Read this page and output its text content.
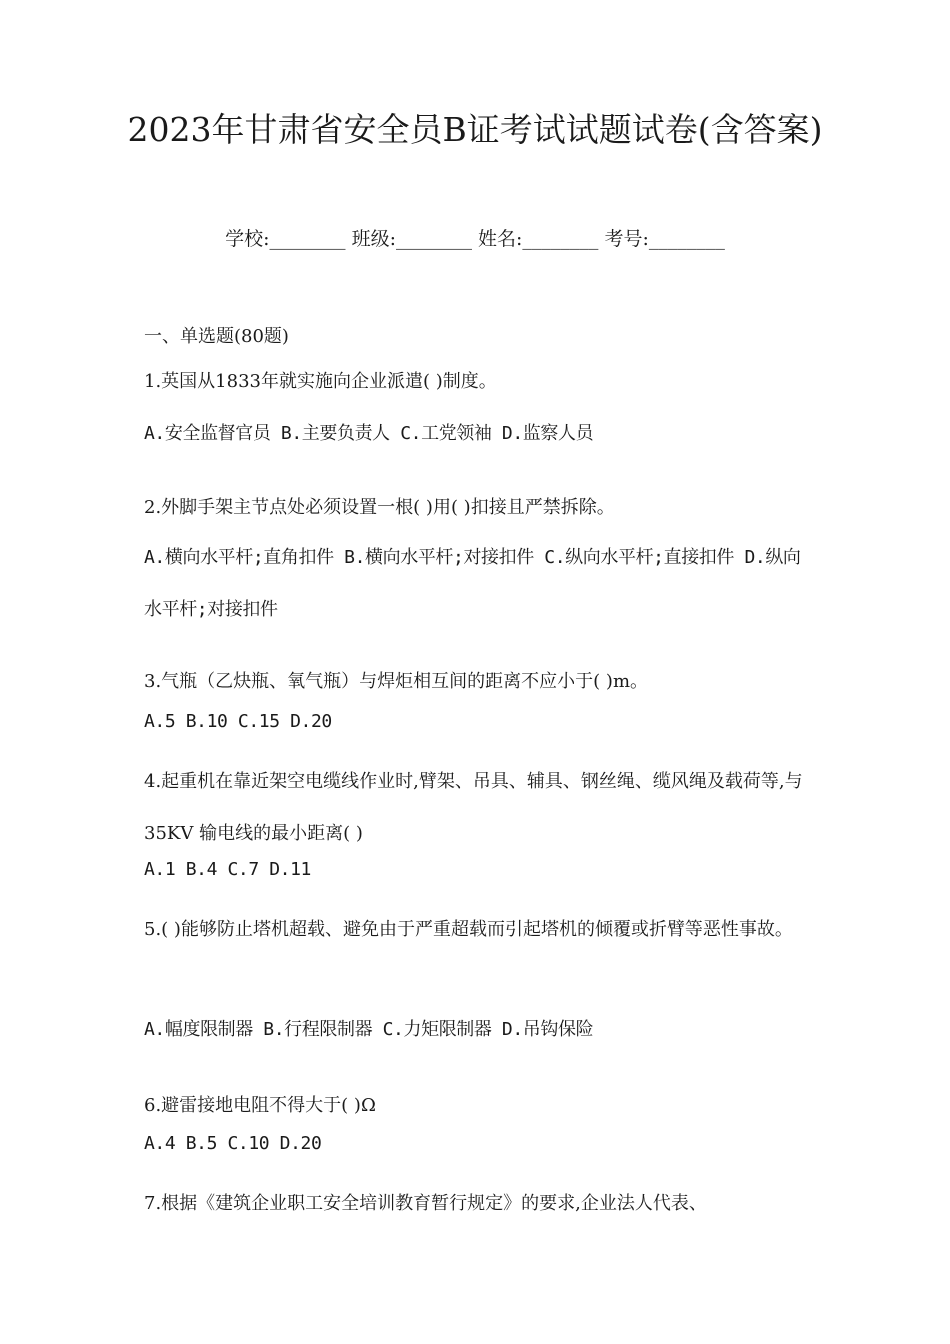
2023年甘肃省安全员B证考试试题试卷(含答案)
学校:________ 班级:________ 姓名:________ 考号:________
一、单选题(80题)

1.英国从1833年就实施向企业派遣( )制度。

A.安全监督官员 B.主要负责人 C.工党领袖 D.监察人员

2.外脚手架主节点处必须设置一根( )用( )扣接且严禁拆除。

A.横向水平杆;直角扣件 B.横向水平杆;对接扣件 C.纵向水平杆;直接扣件 D.纵向水平杆;对接扣件

3.气瓶（乙炔瓶、氧气瓶）与焊炬相互间的距离不应小于( )m。

A.5 B.10 C.15 D.20

4.起重机在靠近架空电缆线作业时,臂架、吊具、辅具、钢丝绳、缆风绳及载荷等,与35KV 输电线的最小距离( )

A.1 B.4 C.7 D.11

5.( )能够防止塔机超载、避免由于严重超载而引起塔机的倾覆或折臂等恶性事故。

A.幅度限制器 B.行程限制器 C.力矩限制器 D.吊钩保险

6.避雷接地电阻不得大于( )Ω

A.4 B.5 C.10 D.20

7.根据《建筑企业职工安全培训教育暂行规定》的要求,企业法人代表、
